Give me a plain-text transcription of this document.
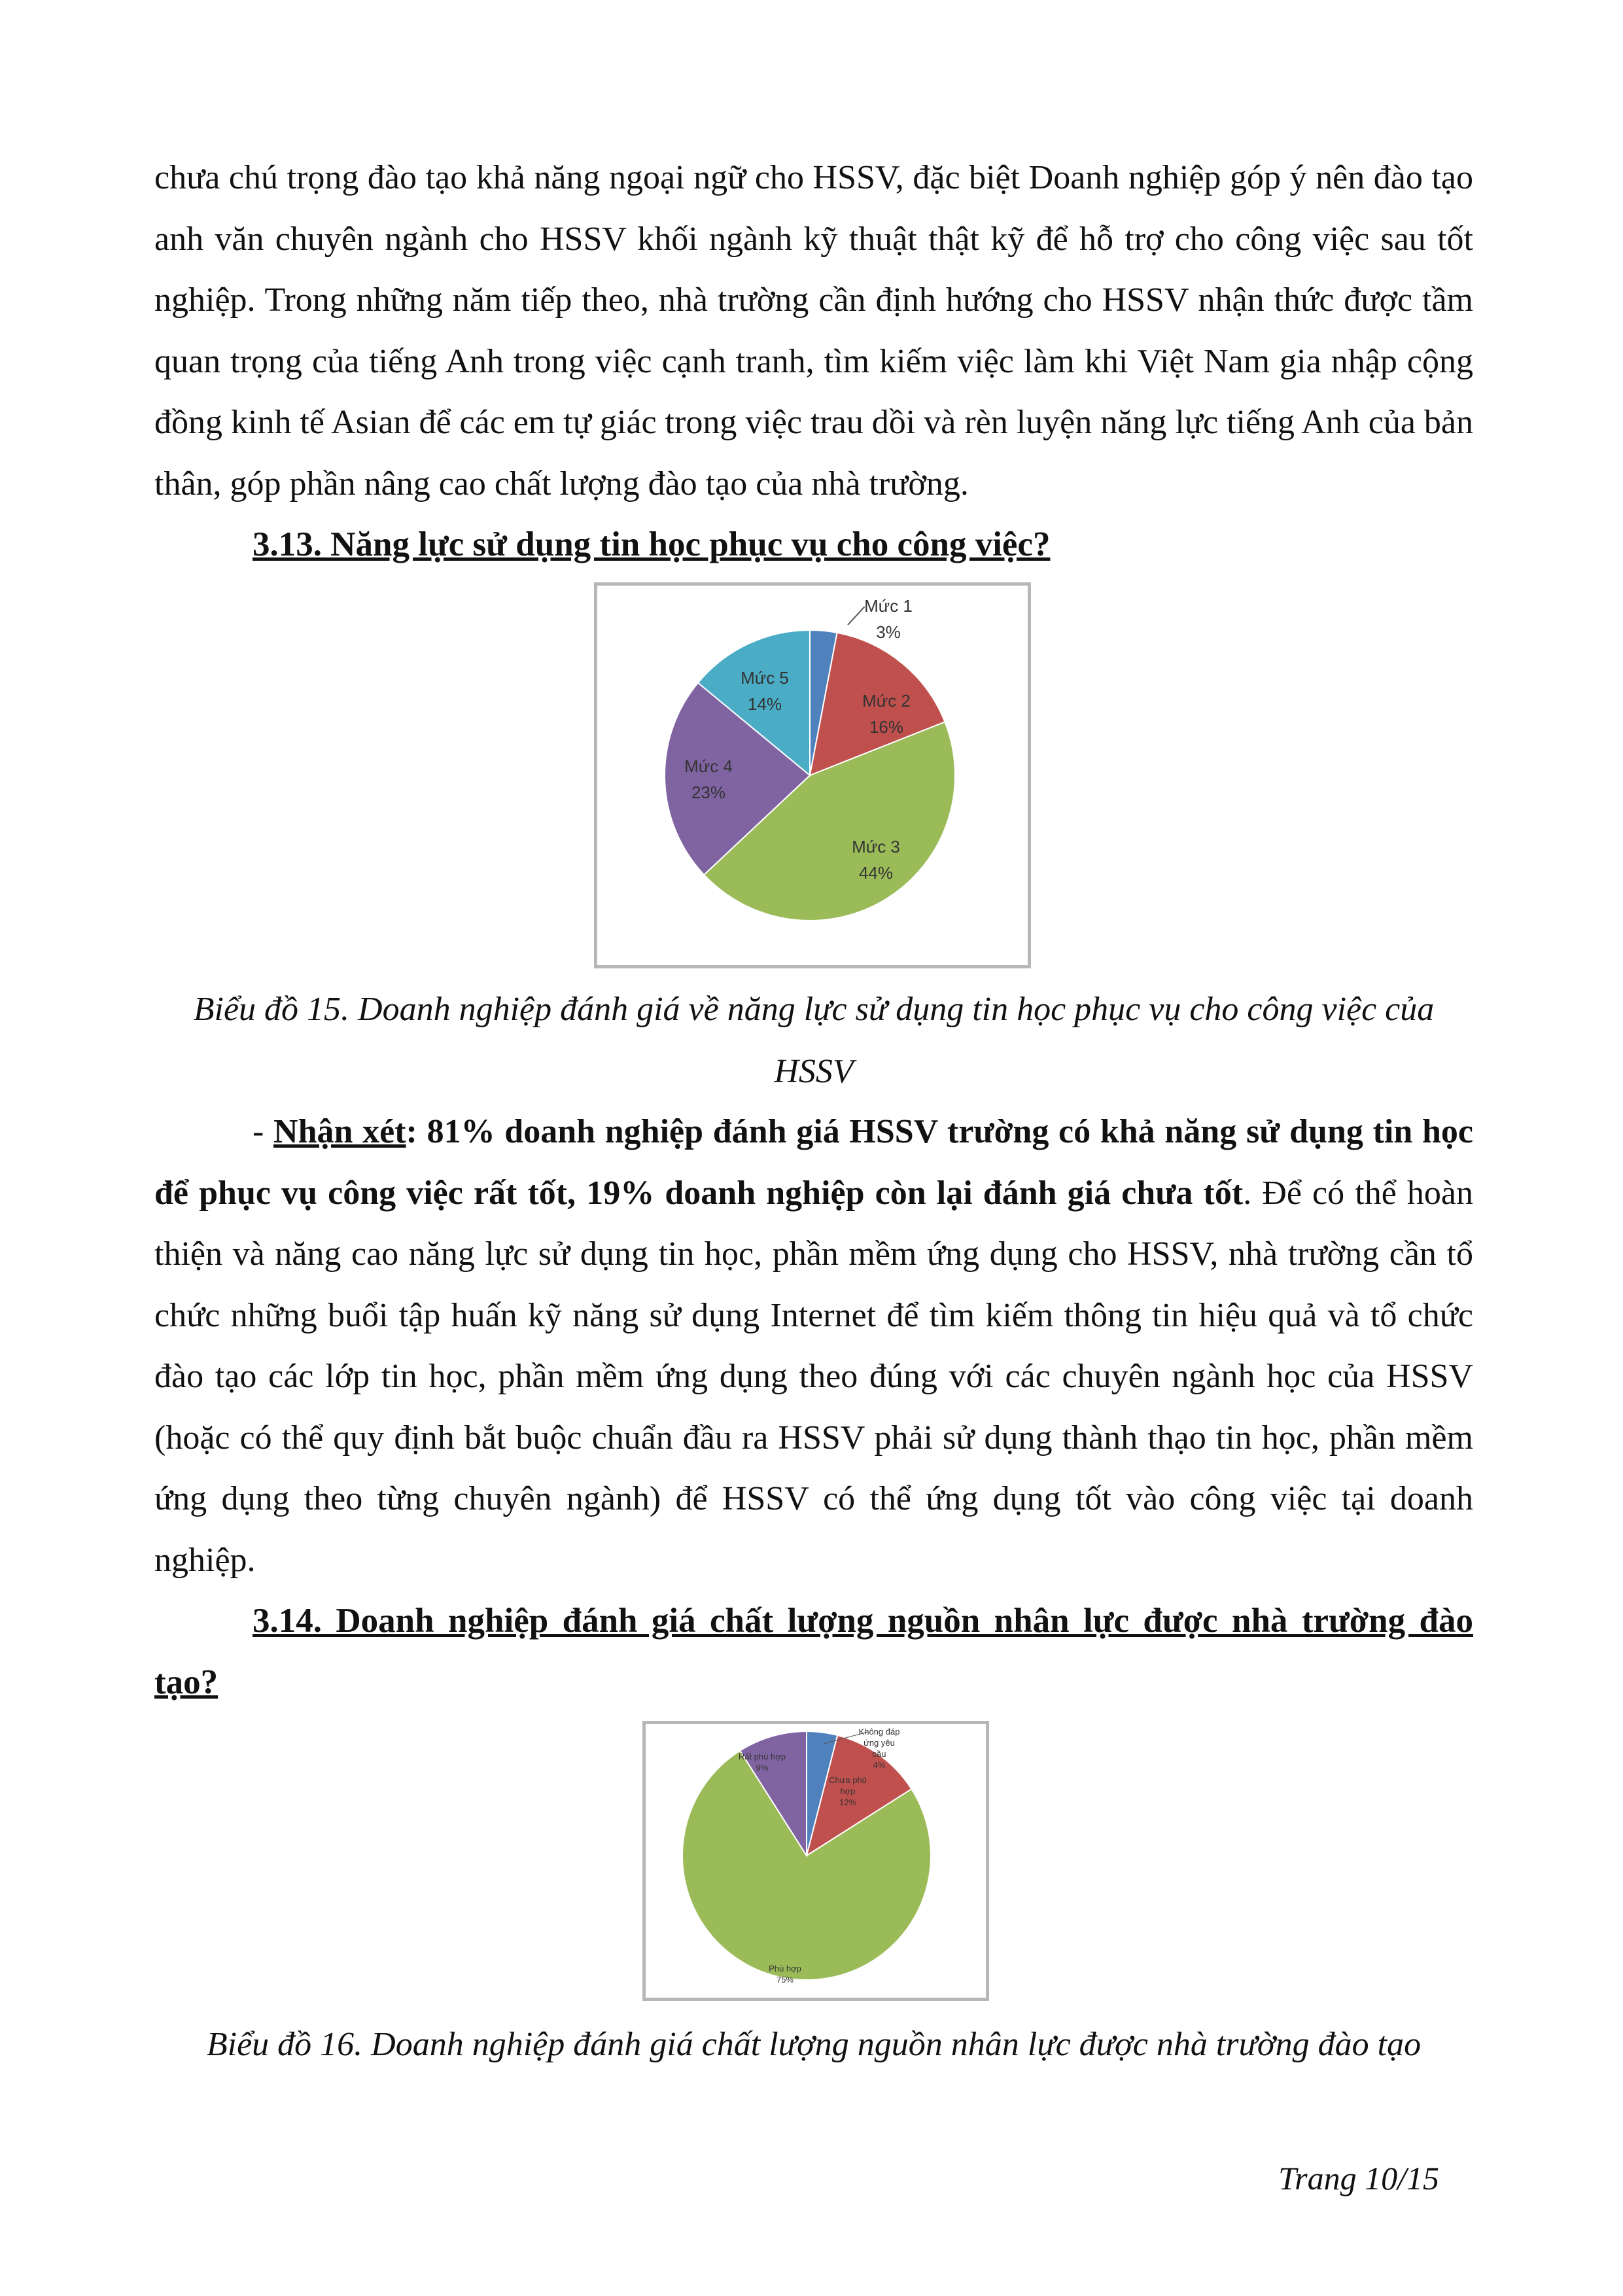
chưa chú trọng đào tạo khả năng ngoại ngữ cho HSSV, đặc biệt Doanh nghiệp góp ý nên đào tạo anh văn chuyên ngành cho HSSV khối ngành kỹ thuật thật kỹ để hỗ trợ cho công việc sau tốt nghiệp. Trong những năm tiếp theo, nhà trường cần định hướng cho HSSV nhận thức được tầm quan trọng của tiếng Anh trong việc cạnh tranh, tìm kiếm việc làm khi Việt Nam gia nhập cộng đồng kinh tế Asian để các em tự giác trong việc trau dồi và rèn luyện năng lực tiếng Anh của bản thân, góp phần nâng cao chất lượng đào tạo của nhà trường.

3.13. Năng lực sử dụng tin học phục vụ cho công việc?

Mức 1 3%
Mức 2 16%
Mức 3 44%
Mức 4 23%
Mức 5 14%

Biểu đồ 15. Doanh nghiệp đánh giá về năng lực sử dụng tin học phục vụ cho công việc của HSSV

- Nhận xét: 81% doanh nghiệp đánh giá HSSV trường có khả năng sử dụng tin học để phục vụ công việc rất tốt, 19% doanh nghiệp còn lại đánh giá chưa tốt. Để có thể hoàn thiện và năng cao năng lực sử dụng tin học, phần mềm ứng dụng cho HSSV, nhà trường cần tổ chức những buổi tập huấn kỹ năng sử dụng Internet để tìm kiếm thông tin hiệu quả và tổ chức đào tạo các lớp tin học, phần mềm ứng dụng theo đúng với các chuyên ngành học của HSSV (hoặc có thể quy định bắt buộc chuẩn đầu ra HSSV phải sử dụng thành thạo tin học, phần mềm ứng dụng theo từng chuyên ngành) để HSSV có thể ứng dụng tốt vào công việc tại doanh nghiệp.

3.14. Doanh nghiệp đánh giá chất lượng nguồn nhân lực được nhà trường đào tạo?

Không đáp ứng yêu cầu 4%
Chưa phù hợp 12%
Phù hợp 75%
Rất phù hợp 9%

Biểu đồ 16. Doanh nghiệp đánh giá chất lượng nguồn nhân lực được nhà trường đào tạo

Trang 10/15
